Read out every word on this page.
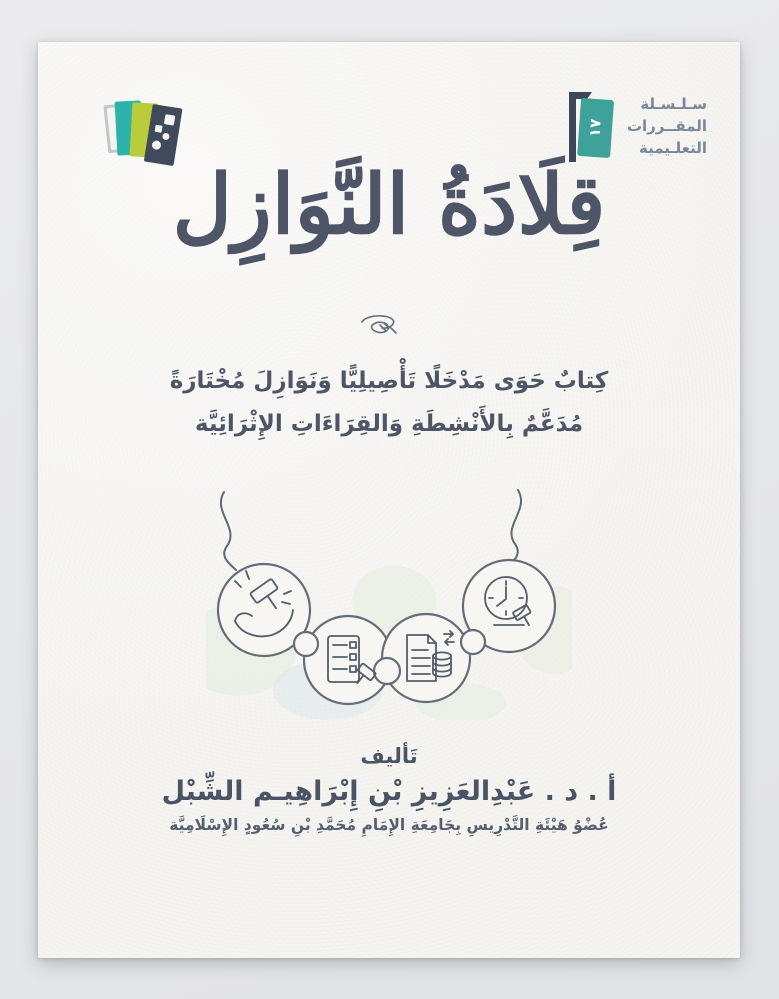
سـلـسـلة
المقــررات
التعلـيمية
١٧
قِلَادَةُ النَّوَازِل
كِتابٌ حَوَى مَدْخَلًا تَأْصِيلِيًّا وَنَوَازِلَ مُخْتَارَةً
مُدَعَّمٌ بِالأَنْشِطَةِ وَالقِرَاءَاتِ الإِثْرَائِيَّة
تَأليف
أ . د . عَبْدِالعَزِيزِ بْنِ إِبْرَاهِيـم الشِّبْل
عُضْوُ هَيْئَةِ التَّدْرِيسِ بِجَامِعَةِ الإِمَامِ مُحَمَّدِ بْنِ سُعُودٍ الإِسْلَامِيَّة
